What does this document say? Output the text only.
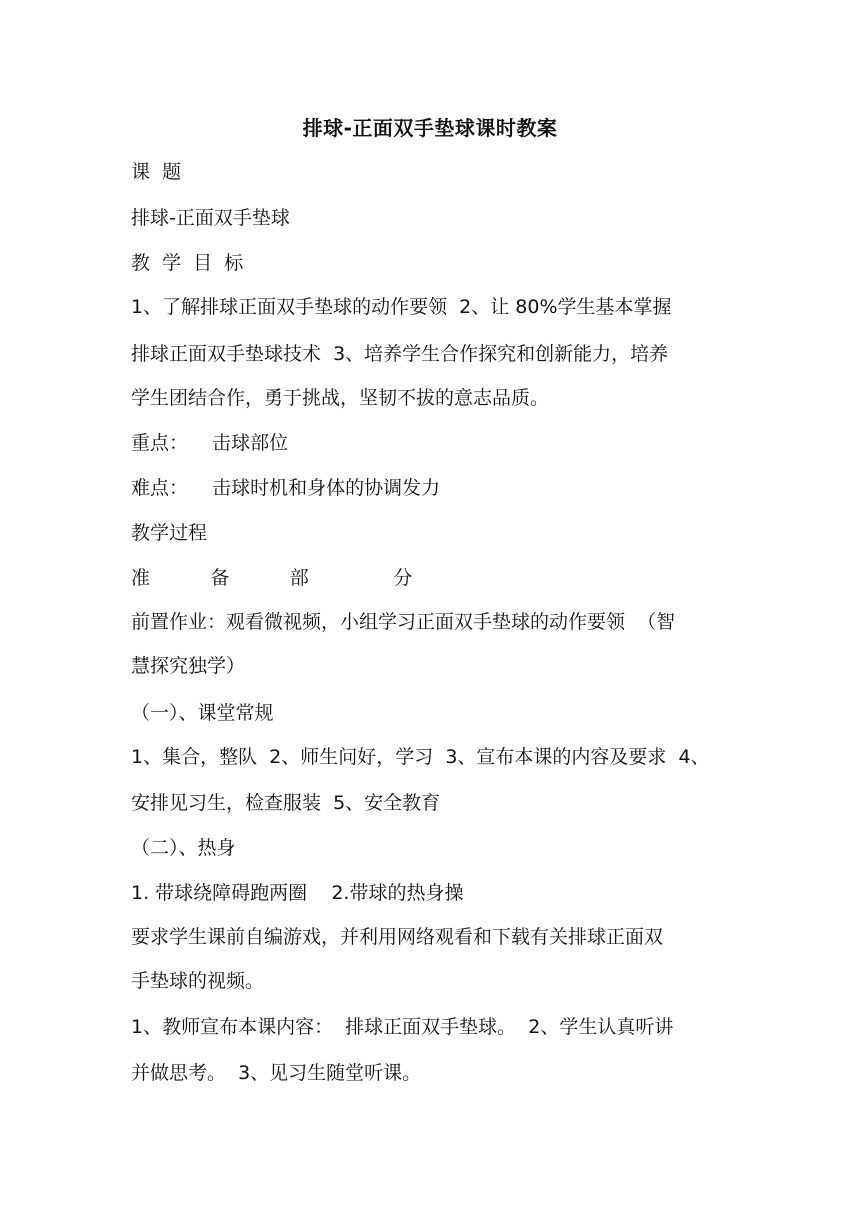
排球-正面双手垫球课时教案
课  题
排球-正面双手垫球
教  学  目  标
1、了解排球正面双手垫球的动作要领  2、让 80%学生基本掌握
排球正面双手垫球技术  3、培养学生合作探究和创新能力，培养
学生团结合作，勇于挑战，坚韧不拔的意志品质。
重点：    击球部位
难点：    击球时机和身体的协调发力
教学过程
准          备          部              分
前置作业：观看微视频，小组学习正面双手垫球的动作要领  （智
慧探究独学）
（一）、课堂常规
1、集合，整队  2、师生问好，学习  3、宣布本课的内容及要求  4、
安排见习生，检查服装  5、安全教育
（二）、热身
1. 带球绕障碍跑两圈    2.带球的热身操
要求学生课前自编游戏，并利用网络观看和下载有关排球正面双
手垫球的视频。
1、教师宣布本课内容：  排球正面双手垫球。  2、学生认真听讲
并做思考。  3、见习生随堂听课。
